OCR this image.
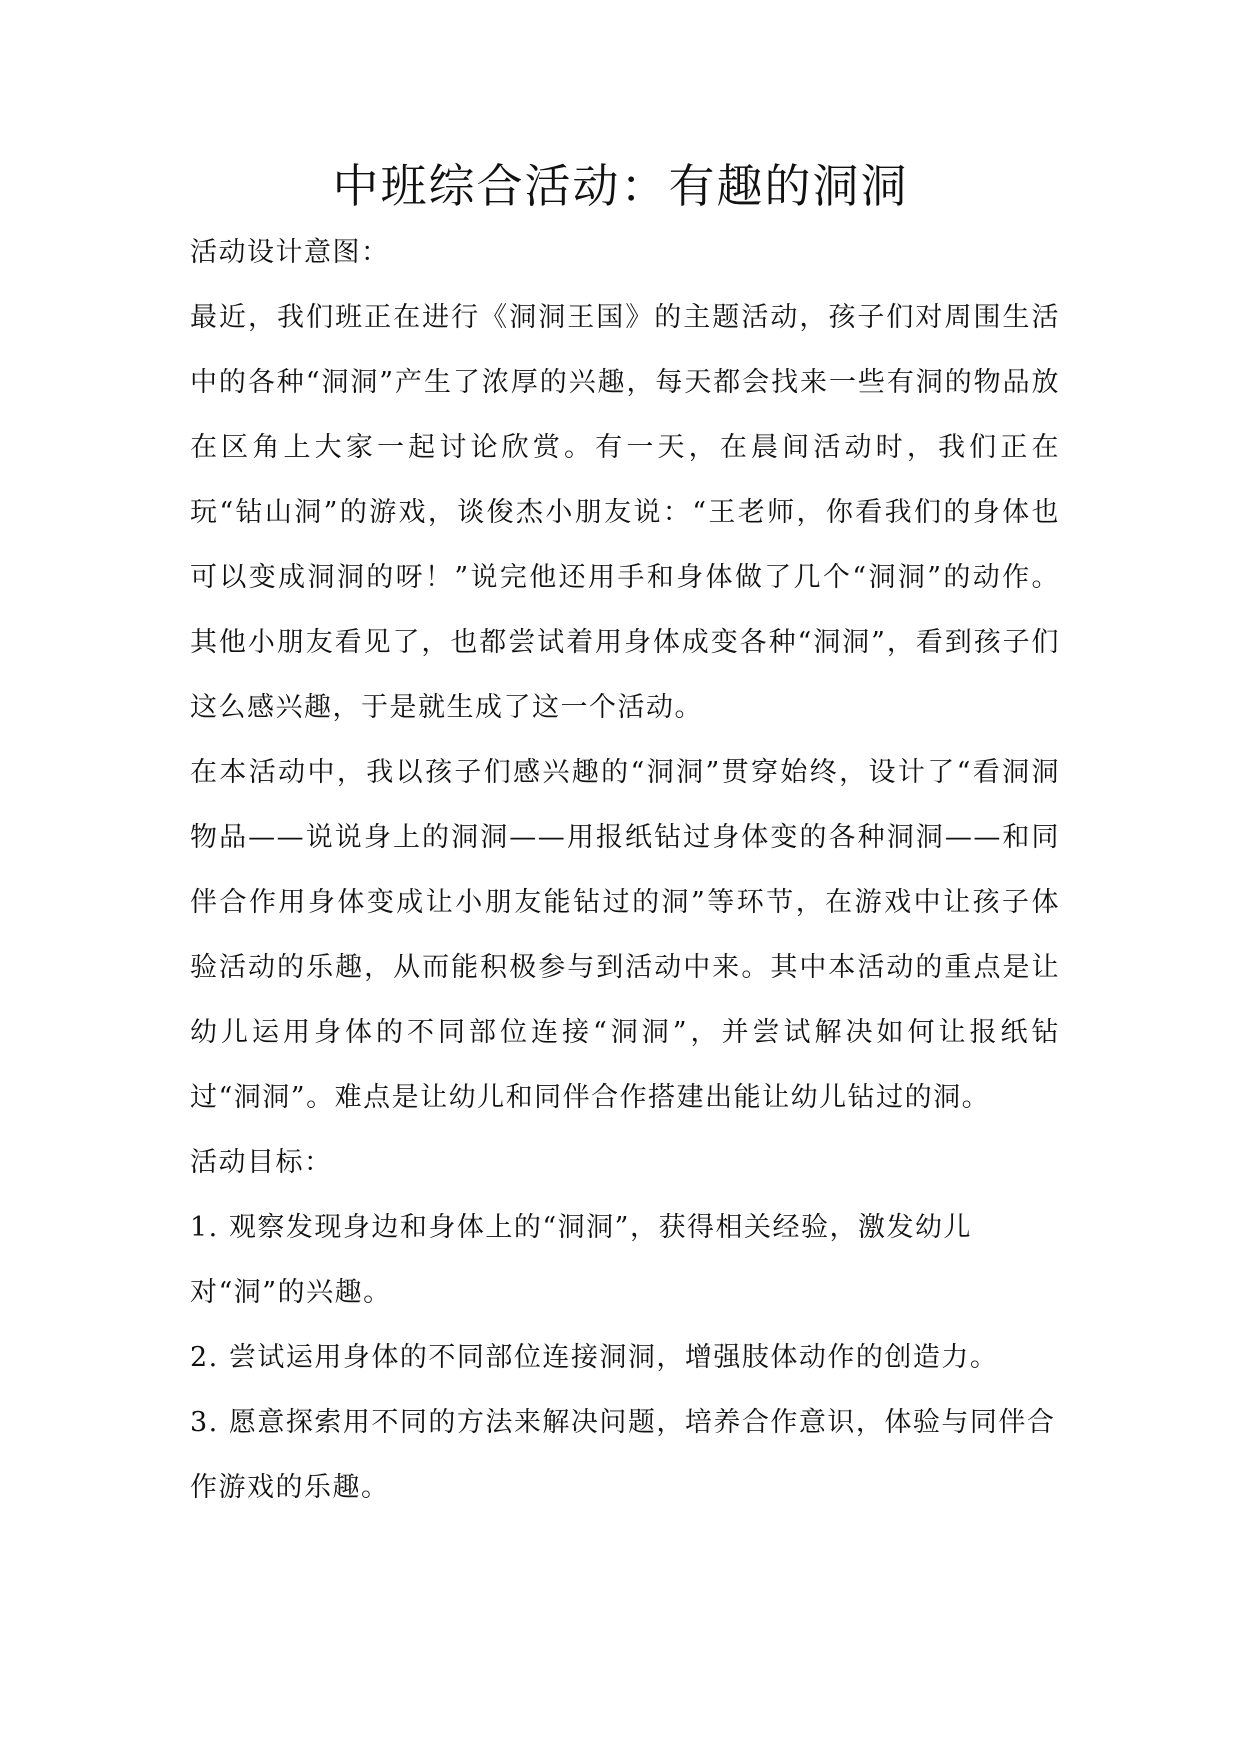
中班综合活动：有趣的洞洞

活动设计意图：

最近，我们班正在进行《洞洞王国》的主题活动，孩子们对周围生活中的各种“洞洞”产生了浓厚的兴趣，每天都会找来一些有洞的物品放在区角上大家一起讨论欣赏。有一天，在晨间活动时，我们正在玩“钻山洞”的游戏，谈俊杰小朋友说：“王老师，你看我们的身体也可以变成洞洞的呀！”说完他还用手和身体做了几个“洞洞”的动作。其他小朋友看见了，也都尝试着用身体成变各种“洞洞”，看到孩子们这么感兴趣，于是就生成了这一个活动。

在本活动中，我以孩子们感兴趣的“洞洞”贯穿始终，设计了“看洞洞物品——说说身上的洞洞——用报纸钻过身体变的各种洞洞——和同伴合作用身体变成让小朋友能钻过的洞”等环节，在游戏中让孩子体验活动的乐趣，从而能积极参与到活动中来。其中本活动的重点是让幼儿运用身体的不同部位连接“洞洞”，并尝试解决如何让报纸钻过“洞洞”。难点是让幼儿和同伴合作搭建出能让幼儿钻过的洞。

活动目标：

1. 观察发现身边和身体上的“洞洞”，获得相关经验，激发幼儿对“洞”的兴趣。

2. 尝试运用身体的不同部位连接洞洞，增强肢体动作的创造力。

3. 愿意探索用不同的方法来解决问题，培养合作意识，体验与同伴合作游戏的乐趣。
